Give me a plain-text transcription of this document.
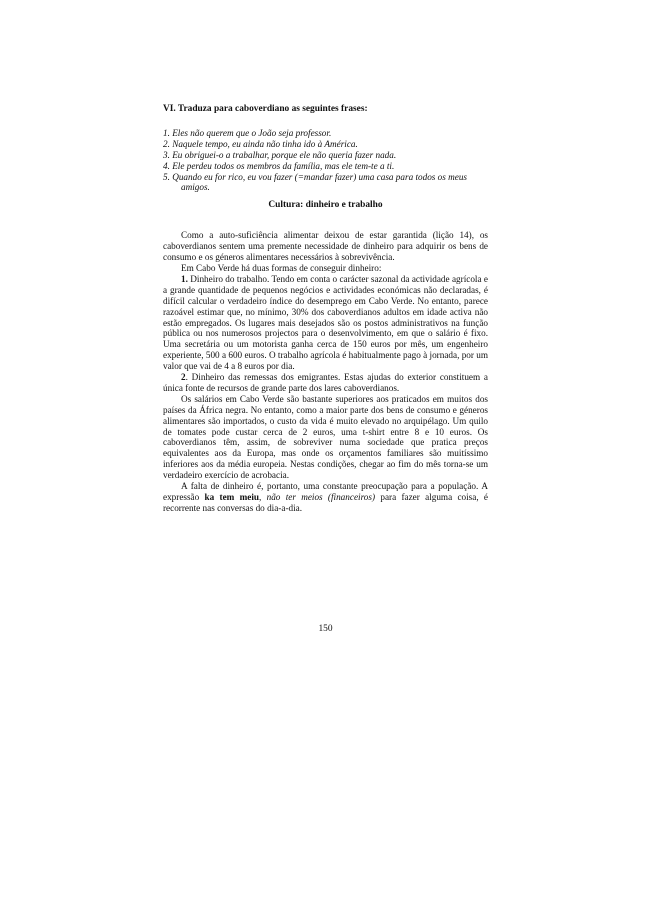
VI. Traduza para caboverdiano as seguintes frases:
1. Eles não querem que o João seja professor.
2. Naquele tempo, eu ainda não tinha ido à América.
3. Eu obriguei-o a trabalhar, porque ele não queria fazer nada.
4. Ele perdeu todos os membros da família, mas ele tem-te a ti.
5. Quando eu for rico, eu vou fazer (=mandar fazer) uma casa para todos os meus amigos.
Cultura: dinheiro e trabalho

Como a auto-suficiência alimentar deixou de estar garantida (lição 14), os caboverdianos sentem uma premente necessidade de dinheiro para adquirir os bens de consumo e os géneros alimentares necessários à sobrevivência.

Em Cabo Verde há duas formas de conseguir dinheiro:

1. Dinheiro do trabalho. Tendo em conta o carácter sazonal da actividade agrícola e a grande quantidade de pequenos negócios e actividades económicas não declaradas, é difícil calcular o verdadeiro índice do desemprego em Cabo Verde. No entanto, parece razoável estimar que, no mínimo, 30% dos caboverdianos adultos em idade activa não estão empregados. Os lugares mais desejados são os postos administrativos na função pública ou nos numerosos projectos para o desenvolvimento, em que o salário é fixo. Uma secretária ou um motorista ganha cerca de 150 euros por mês, um engenheiro experiente, 500 a 600 euros. O trabalho agrícola é habitualmente pago à jornada, por um valor que vai de 4 a 8 euros por dia.

2. Dinheiro das remessas dos emigrantes. Estas ajudas do exterior constituem a única fonte de recursos de grande parte dos lares caboverdianos.

Os salários em Cabo Verde são bastante superiores aos praticados em muitos dos países da África negra. No entanto, como a maior parte dos bens de consumo e géneros alimentares são importados, o custo da vida é muito elevado no arquipélago. Um quilo de tomates pode custar cerca de 2 euros, uma t-shirt entre 8 e 10 euros. Os caboverdianos têm, assim, de sobreviver numa sociedade que pratica preços equivalentes aos da Europa, mas onde os orçamentos familiares são muitíssimo inferiores aos da média europeia. Nestas condições, chegar ao fim do mês torna-se um verdadeiro exercício de acrobacia.

A falta de dinheiro é, portanto, uma constante preocupação para a população. A expressão ka tem meiu, não ter meios (financeiros) para fazer alguma coisa, é recorrente nas conversas do dia-a-dia.

150
